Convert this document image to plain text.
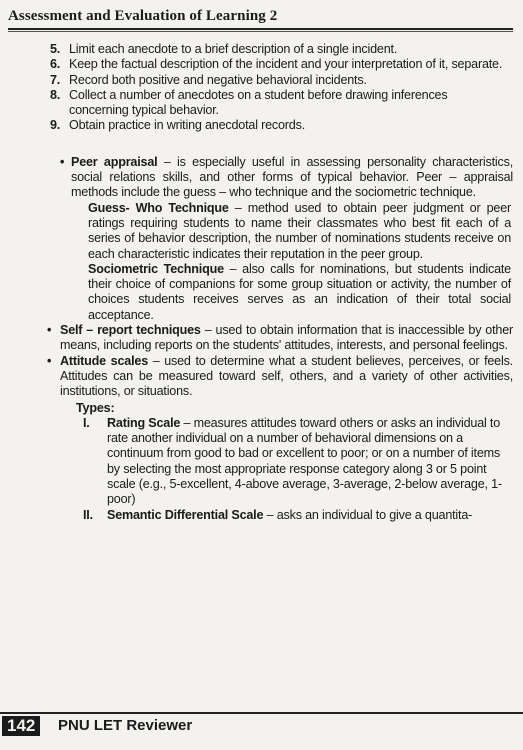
Assessment and Evaluation of Learning 2
5. Limit each anecdote to a brief description of a single incident.
6. Keep the factual description of the incident and your interpretation of it, separate.
7. Record both positive and negative behavioral incidents.
8. Collect a number of anecdotes on a student before drawing inferences concerning typical behavior.
9. Obtain practice in writing anecdotal records.
• Peer appraisal – is especially useful in assessing personality characteristics, social relations skills, and other forms of typical behavior. Peer – appraisal methods include the guess – who technique and the sociometric technique.
Guess- Who Technique – method used to obtain peer judgment or peer ratings requiring students to name their classmates who best fit each of a series of behavior description, the number of nominations students receive on each characteristic indicates their reputation in the peer group.
Sociometric Technique – also calls for nominations, but students indicate their choice of companions for some group situation or activity, the number of choices students receives serves as an indication of their total social acceptance.
• Self – report techniques – used to obtain information that is inaccessible by other means, including reports on the students' attitudes, interests, and personal feelings.
• Attitude scales – used to determine what a student believes, perceives, or feels. Attitudes can be measured toward self, others, and a variety of other activities, institutions, or situations.
Types:
I. Rating Scale – measures attitudes toward others or asks an individual to rate another individual on a number of behavioral dimensions on a continuum from good to bad or excellent to poor; or on a number of items by selecting the most appropriate response category along 3 or 5 point scale (e.g., 5-excellent, 4-above average, 3-average, 2-below average, 1-poor)
II. Semantic Differential Scale – asks an individual to give a quantita-
142	PNU LET Reviewer
